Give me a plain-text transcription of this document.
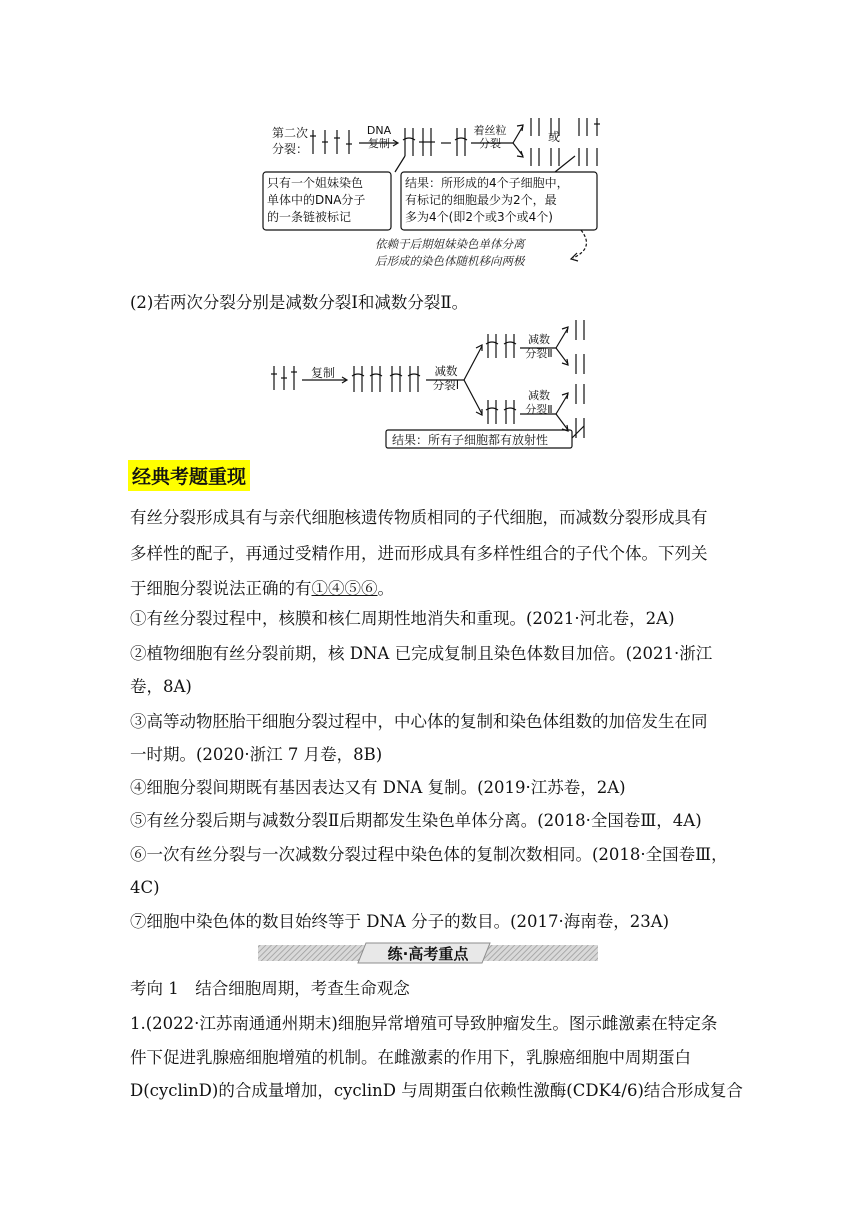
第二次
分裂：
DNA
复制
着丝粒
分裂	或
只有一个姐妹染色
单体中的DNA分子
的一条链被标记
结果：所形成的4个子细胞中，
有标记的细胞最少为2个，最
多为4个(即2个或3个或4个)
依赖于后期姐妹染色单体分离
后形成的染色体随机移向两极
(2)若两次分裂分别是减数分裂Ⅰ和减数分裂Ⅱ。
复制	减数
分裂Ⅰ
减数
分裂Ⅱ
减数
分裂Ⅱ
结果：所有子细胞都有放射性
经典考题重现
有丝分裂形成具有与亲代细胞核遗传物质相同的子代细胞，而减数分裂形成具有
多样性的配子，再通过受精作用，进而形成具有多样性组合的子代个体。下列关
于细胞分裂说法正确的有①④⑤⑥。
①有丝分裂过程中，核膜和核仁周期性地消失和重现。(2021·河北卷，2A)
②植物细胞有丝分裂前期，核 DNA 已完成复制且染色体数目加倍。(2021·浙江
卷，8A)
③高等动物胚胎干细胞分裂过程中，中心体的复制和染色体组数的加倍发生在同
一时期。(2020·浙江 7 月卷，8B)
④细胞分裂间期既有基因表达又有 DNA 复制。(2019·江苏卷，2A)
⑤有丝分裂后期与减数分裂Ⅱ后期都发生染色单体分离。(2018·全国卷Ⅲ，4A)
⑥一次有丝分裂与一次减数分裂过程中染色体的复制次数相同。(2018·全国卷Ⅲ，
4C)
⑦细胞中染色体的数目始终等于 DNA 分子的数目。(2017·海南卷，23A)
练·高考重点
考向 1　结合细胞周期，考查生命观念
1.(2022·江苏南通通州期末)细胞异常增殖可导致肿瘤发生。图示雌激素在特定条
件下促进乳腺癌细胞增殖的机制。在雌激素的作用下，乳腺癌细胞中周期蛋白
D(cyclinD)的合成量增加，cyclinD 与周期蛋白依赖性激酶(CDK4/6)结合形成复合
